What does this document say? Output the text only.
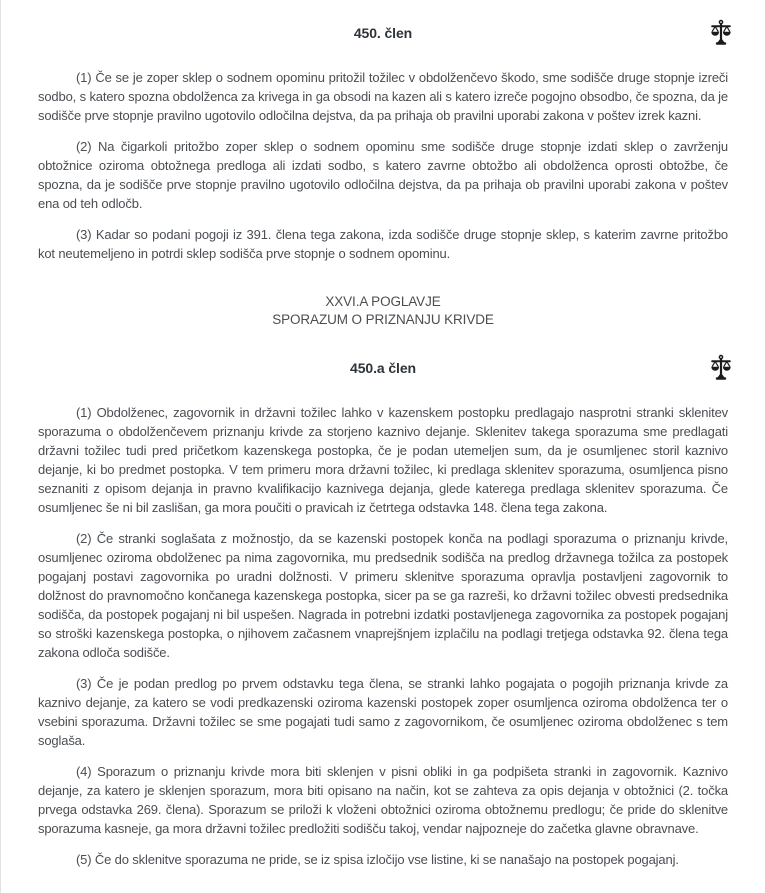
450. člen

(1) Če se je zoper sklep o sodnem opominu pritožil tožilec v obdolženčevo škodo, sme sodišče druge stopnje izreči sodbo, s katero spozna obdolženca za krivega in ga obsodi na kazen ali s katero izreče pogojno obsodbo, če spozna, da je sodišče prve stopnje pravilno ugotovilo odločilna dejstva, da pa prihaja ob pravilni uporabi zakona v poštev izrek kazni.

(2) Na čigarkoli pritožbo zoper sklep o sodnem opominu sme sodišče druge stopnje izdati sklep o zavrženju obtožnice oziroma obtožnega predloga ali izdati sodbo, s katero zavrne obtožbo ali obdolženca oprosti obtožbe, če spozna, da je sodišče prve stopnje pravilno ugotovilo odločilna dejstva, da pa prihaja ob pravilni uporabi zakona v poštev ena od teh odločb.

(3) Kadar so podani pogoji iz 391. člena tega zakona, izda sodišče druge stopnje sklep, s katerim zavrne pritožbo kot neutemeljeno in potrdi sklep sodišča prve stopnje o sodnem opominu.

XXVI.A POGLAVJE
SPORAZUM O PRIZNANJU KRIVDE
450.a člen

(1) Obdolženec, zagovornik in državni tožilec lahko v kazenskem postopku predlagajo nasprotni stranki sklenitev sporazuma o obdolženčevem priznanju krivde za storjeno kaznivo dejanje. Sklenitev takega sporazuma sme predlagati državni tožilec tudi pred pričetkom kazenskega postopka, če je podan utemeljen sum, da je osumljenec storil kaznivo dejanje, ki bo predmet postopka. V tem primeru mora državni tožilec, ki predlaga sklenitev sporazuma, osumljenca pisno seznaniti z opisom dejanja in pravno kvalifikacijo kaznivega dejanja, glede katerega predlaga sklenitev sporazuma. Če osumljenec še ni bil zaslišan, ga mora poučiti o pravicah iz četrtega odstavka 148. člena tega zakona.

(2) Če stranki soglašata z možnostjo, da se kazenski postopek konča na podlagi sporazuma o priznanju krivde, osumljenec oziroma obdolženec pa nima zagovornika, mu predsednik sodišča na predlog državnega tožilca za postopek pogajanj postavi zagovornika po uradni dolžnosti. V primeru sklenitve sporazuma opravlja postavljeni zagovornik to dolžnost do pravnomočno končanega kazenskega postopka, sicer pa se ga razreši, ko državni tožilec obvesti predsednika sodišča, da postopek pogajanj ni bil uspešen. Nagrada in potrebni izdatki postavljenega zagovornika za postopek pogajanj so stroški kazenskega postopka, o njihovem začasnem vnaprejšnjem izplačilu na podlagi tretjega odstavka 92. člena tega zakona odloča sodišče.

(3) Če je podan predlog po prvem odstavku tega člena, se stranki lahko pogajata o pogojih priznanja krivde za kaznivo dejanje, za katero se vodi predkazenski oziroma kazenski postopek zoper osumljenca oziroma obdolženca ter o vsebini sporazuma. Državni tožilec se sme pogajati tudi samo z zagovornikom, če osumljenec oziroma obdolženec s tem soglaša.

(4) Sporazum o priznanju krivde mora biti sklenjen v pisni obliki in ga podpišeta stranki in zagovornik. Kaznivo dejanje, za katero je sklenjen sporazum, mora biti opisano na način, kot se zahteva za opis dejanja v obtožnici (2. točka prvega odstavka 269. člena). Sporazum se priloži k vloženi obtožnici oziroma obtožnemu predlogu; če pride do sklenitve sporazuma kasneje, ga mora državni tožilec predložiti sodišču takoj, vendar najpozneje do začetka glavne obravnave.

(5) Če do sklenitve sporazuma ne pride, se iz spisa izločijo vse listine, ki se nanašajo na postopek pogajanj.
